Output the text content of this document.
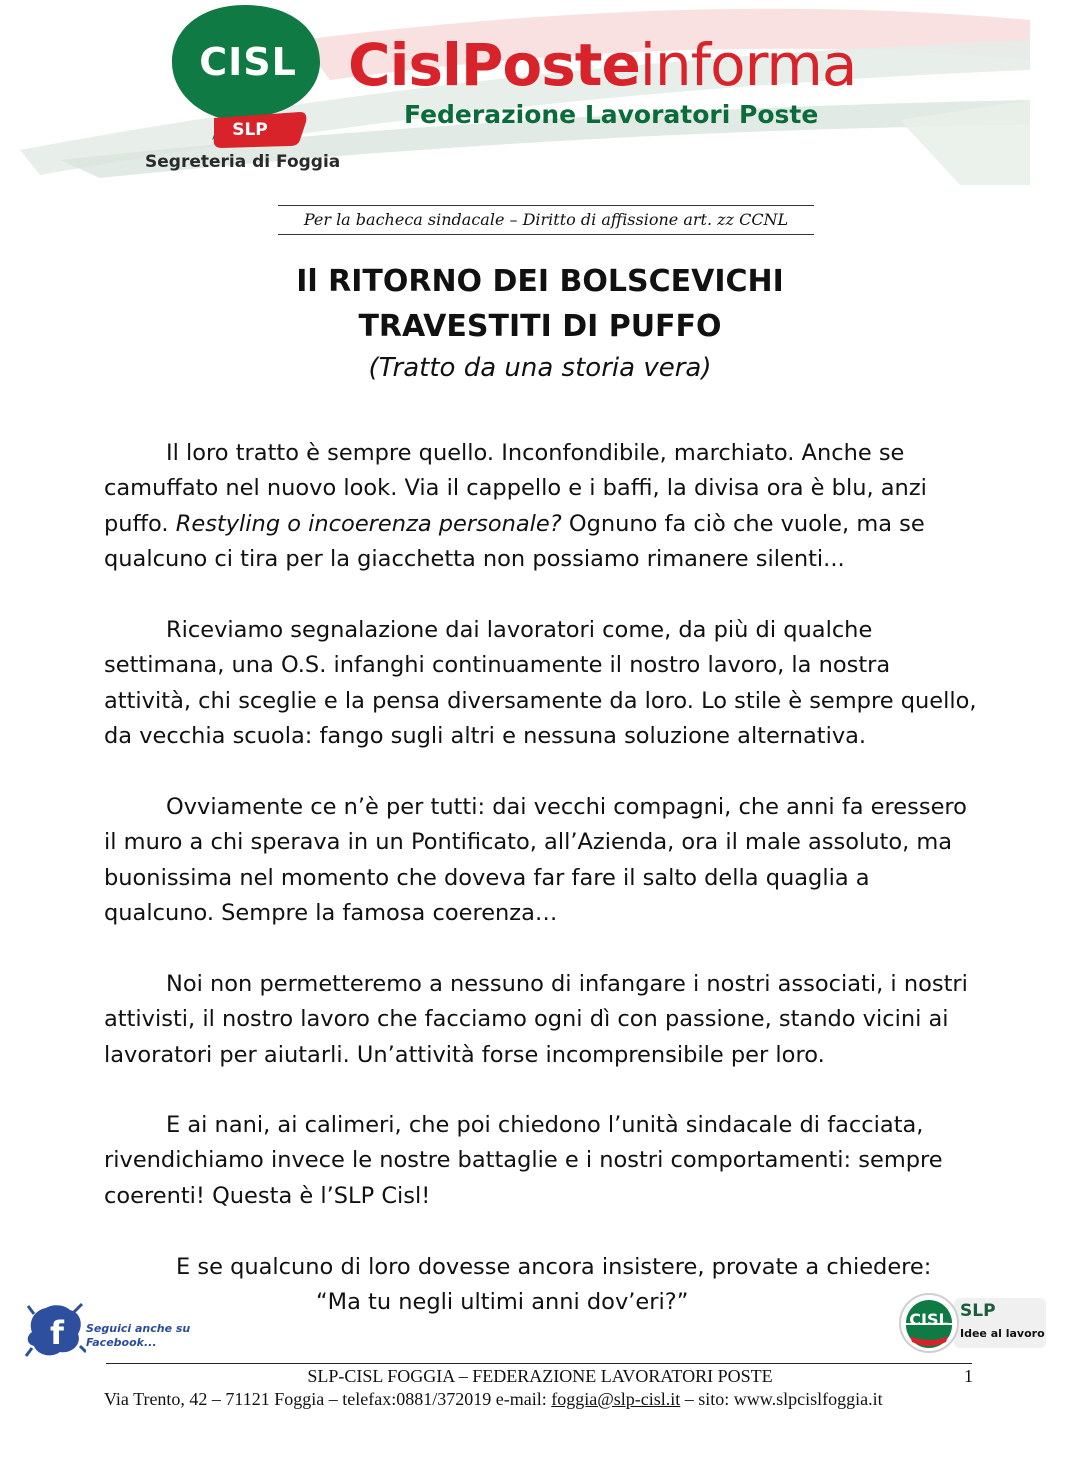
CISL
SLP
CislPosteinforma
Federazione Lavoratori Poste
Segreteria di Foggia
Per la bacheca sindacale – Diritto di affissione art. zz CCNL
Il RITORNO DEI BOLSCEVICHI
TRAVESTITI DI PUFFO
(Tratto da una storia vera)

Il loro tratto è sempre quello. Inconfondibile, marchiato. Anche se camuffato nel nuovo look. Via il cappello e i baffi, la divisa ora è blu, anzi puffo. Restyling o incoerenza personale? Ognuno fa ciò che vuole, ma se qualcuno ci tira per la giacchetta non possiamo rimanere silenti...

Riceviamo segnalazione dai lavoratori come, da più di qualche settimana, una O.S. infanghi continuamente il nostro lavoro, la nostra attività, chi sceglie e la pensa diversamente da loro. Lo stile è sempre quello, da vecchia scuola: fango sugli altri e nessuna soluzione alternativa.

Ovviamente ce n’è per tutti: dai vecchi compagni, che anni fa eressero il muro a chi sperava in un Pontificato, all’Azienda, ora il male assoluto, ma buonissima nel momento che doveva far fare il salto della quaglia a qualcuno. Sempre la famosa coerenza…

Noi non permetteremo a nessuno di infangare i nostri associati, i nostri attivisti, il nostro lavoro che facciamo ogni dì con passione, stando vicini ai lavoratori per aiutarli. Un’attività forse incomprensibile per loro.

E ai nani, ai calimeri, che poi chiedono l’unità sindacale di facciata, rivendichiamo invece le nostre battaglie e i nostri comportamenti: sempre coerenti! Questa è l’SLP Cisl!

E se qualcuno di loro dovesse ancora insistere, provate a chiedere:

“Ma tu negli ultimi anni dov’eri?”
f Seguici anche su Facebook...
CISL SLP
Idee al lavoro
SLP-CISL FOGGIA – FEDERAZIONE LAVORATORI POSTE	1
Via Trento, 42 – 71121 Foggia – telefax:0881/372019 e-mail: foggia@slp-cisl.it – sito: www.slpcislfoggia.it
